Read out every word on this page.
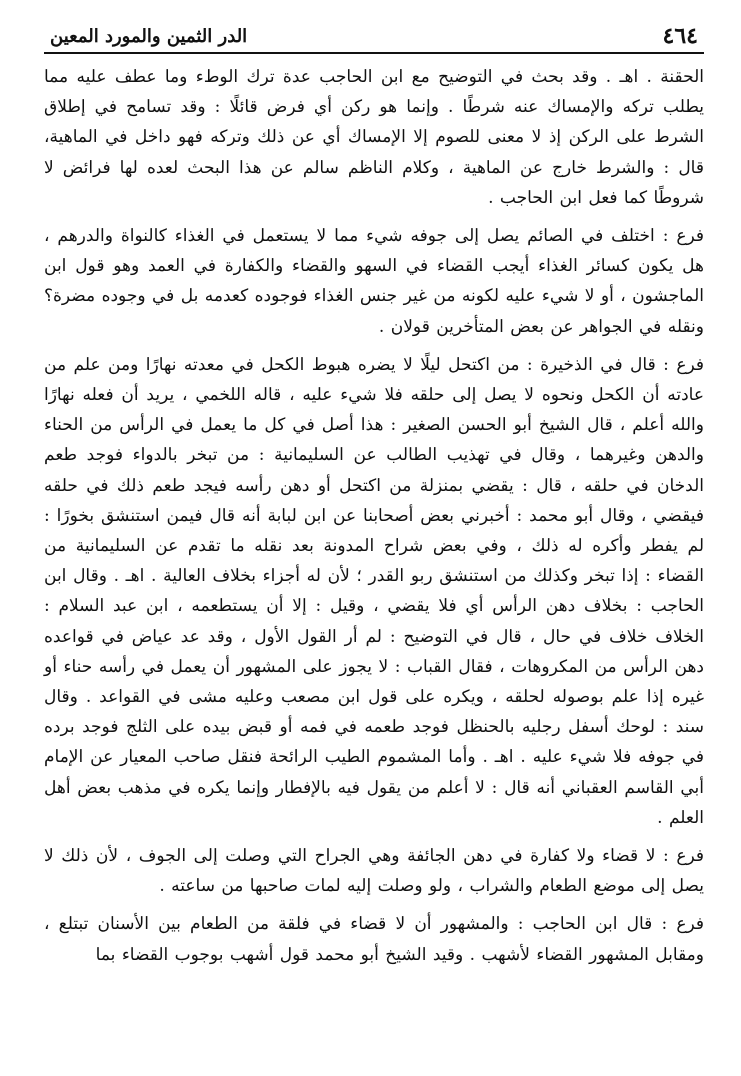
٤٦٤
الدر الثمين والمورد المعين

الحقنة . اهـ . وقد بحث في التوضيح مع ابن الحاجب عدة ترك الوطء وما عطف عليه مما يطلب تركه والإمساك عنه شرطًا . وإنما هو ركن أي فرض قائلًا : وقد تسامح في إطلاق الشرط على الركن إذ لا معنى للصوم إلا الإمساك أي عن ذلك وتركه فهو داخل في الماهية، قال : والشرط خارج عن الماهية ، وكلام الناظم سالم عن هذا البحث لعده لها فرائض لا شروطًا كما فعل ابن الحاجب .

فرع : اختلف في الصائم يصل إلى جوفه شيء مما لا يستعمل في الغذاء كالنواة والدرهم ، هل يكون كسائر الغذاء أيجب القضاء في السهو والقضاء والكفارة في العمد وهو قول ابن الماجشون ، أو لا شيء عليه لكونه من غير جنس الغذاء فوجوده كعدمه بل في وجوده مضرة؟ ونقله في الجواهر عن بعض المتأخرين قولان .

فرع : قال في الذخيرة : من اكتحل ليلًا لا يضره هبوط الكحل في معدته نهارًا ومن علم من عادته أن الكحل ونحوه لا يصل إلى حلقه فلا شيء عليه ، قاله اللخمي ، يريد أن فعله نهارًا والله أعلم ، قال الشيخ أبو الحسن الصغير : هذا أصل في كل ما يعمل في الرأس من الحناء والدهن وغيرهما ، وقال في تهذيب الطالب عن السليمانية : من تبخر بالدواء فوجد طعم الدخان في حلقه ، قال : يقضي بمنزلة من اكتحل أو دهن رأسه فيجد طعم ذلك في حلقه فيقضي ، وقال أبو محمد : أخبرني بعض أصحابنا عن ابن لبابة أنه قال فيمن استنشق بخورًا : لم يفطر وأكره له ذلك ، وفي بعض شراح المدونة بعد نقله ما تقدم عن السليمانية من القضاء : إذا تبخر وكذلك من استنشق ربو القدر ؛ لأن له أجزاء بخلاف العالية . اهـ . وقال ابن الحاجب : بخلاف دهن الرأس أي فلا يقضي ، وقيل : إلا أن يستطعمه ، ابن عبد السلام : الخلاف خلاف في حال ، قال في التوضيح : لم أر القول الأول ، وقد عد عياض في قواعده دهن الرأس من المكروهات ، فقال القباب : لا يجوز على المشهور أن يعمل في رأسه حناء أو غيره إذا علم بوصوله لحلقه ، ويكره على قول ابن مصعب وعليه مشى في القواعد . وقال سند : لوحك أسفل رجليه بالحنظل فوجد طعمه في فمه أو قبض بيده على الثلج فوجد برده في جوفه فلا شيء عليه . اهـ . وأما المشموم الطيب الرائحة فنقل صاحب المعيار عن الإمام أبي القاسم العقباني أنه قال : لا أعلم من يقول فيه بالإفطار وإنما يكره في مذهب بعض أهل العلم .

فرع : لا قضاء ولا كفارة في دهن الجائفة وهي الجراح التي وصلت إلى الجوف ، لأن ذلك لا يصل إلى موضع الطعام والشراب ، ولو وصلت إليه لمات صاحبها من ساعته .

فرع : قال ابن الحاجب : والمشهور أن لا قضاء في فلقة من الطعام بين الأسنان تبتلع ، ومقابل المشهور القضاء لأشهب . وقيد الشيخ أبو محمد قول أشهب بوجوب القضاء بما
